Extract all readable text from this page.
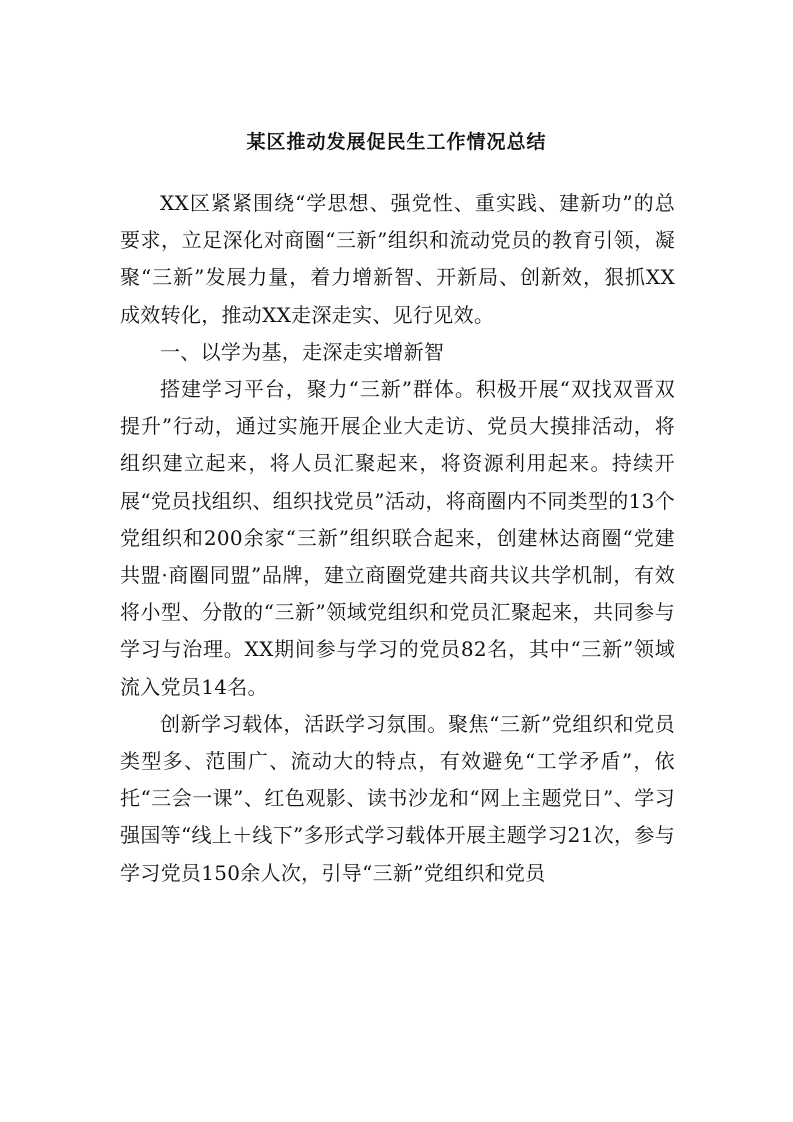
某区推动发展促民生工作情况总结

XX区紧紧围绕“学思想、强党性、重实践、建新功”的总要求，立足深化对商圈“三新”组织和流动党员的教育引领，凝聚“三新”发展力量，着力增新智、开新局、创新效，狠抓XX成效转化，推动XX走深走实、见行见效。

一、以学为基，走深走实增新智

搭建学习平台，聚力“三新”群体。积极开展“双找双晋双提升”行动，通过实施开展企业大走访、党员大摸排活动，将组织建立起来，将人员汇聚起来，将资源利用起来。持续开展“党员找组织、组织找党员”活动，将商圈内不同类型的13个党组织和200余家“三新”组织联合起来，创建林达商圈“党建共盟·商圈同盟”品牌，建立商圈党建共商共议共学机制，有效将小型、分散的“三新”领域党组织和党员汇聚起来，共同参与学习与治理。XX期间参与学习的党员82名，其中“三新”领域流入党员14名。

创新学习载体，活跃学习氛围。聚焦“三新”党组织和党员类型多、范围广、流动大的特点，有效避免“工学矛盾”，依托“三会一课”、红色观影、读书沙龙和“网上主题党日”、学习强国等“线上＋线下”多形式学习载体开展主题学习21次，参与学习党员150余人次，引导“三新”党组织和党员
